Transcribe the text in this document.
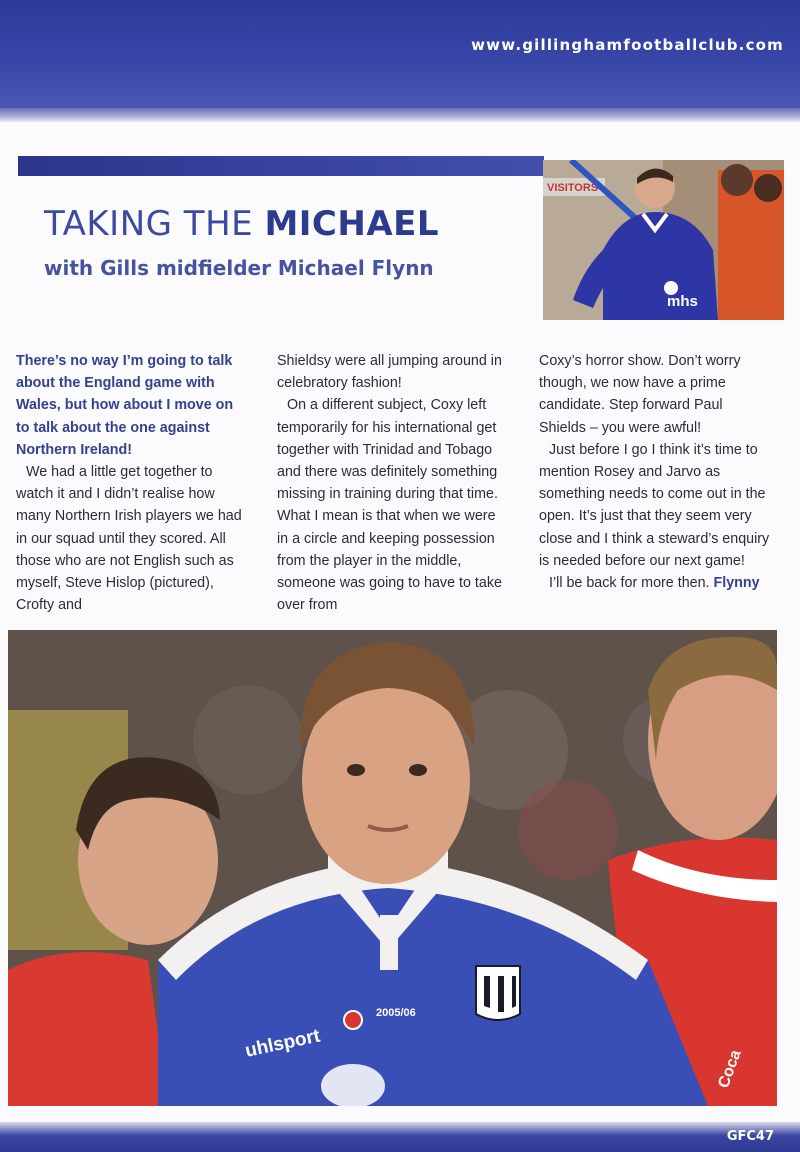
www.gillinghamfootballclub.com
TAKING THE MICHAEL
with Gills midfielder Michael Flynn
VISITORS
mhs

There’s no way I’m going to talk about the England game with Wales, but how about I move on to talk about the one against Northern Ireland!

We had a little get together to watch it and I didn’t realise how many Northern Irish players we had in our squad until they scored. All those who are not English such as myself, Steve Hislop (pictured), Crofty and

Shieldsy were all jumping around in celebratory fashion!

On a different subject, Coxy left temporarily for his international get together with Trinidad and Tobago and there was definitely something missing in training during that time. What I mean is that when we were in a circle and keeping possession from the player in the middle, someone was going to have to take over from

Coxy’s horror show. Don’t worry though, we now have a prime candidate. Step forward Paul Shields – you were awful!

Just before I go I think it’s time to mention Rosey and Jarvo as something needs to come out in the open. It’s just that they seem very close and I think a steward’s enquiry is needed before our next game!

I’ll be back for more then. Flynny

Coca
2005/06
uhlsport
GFC47
